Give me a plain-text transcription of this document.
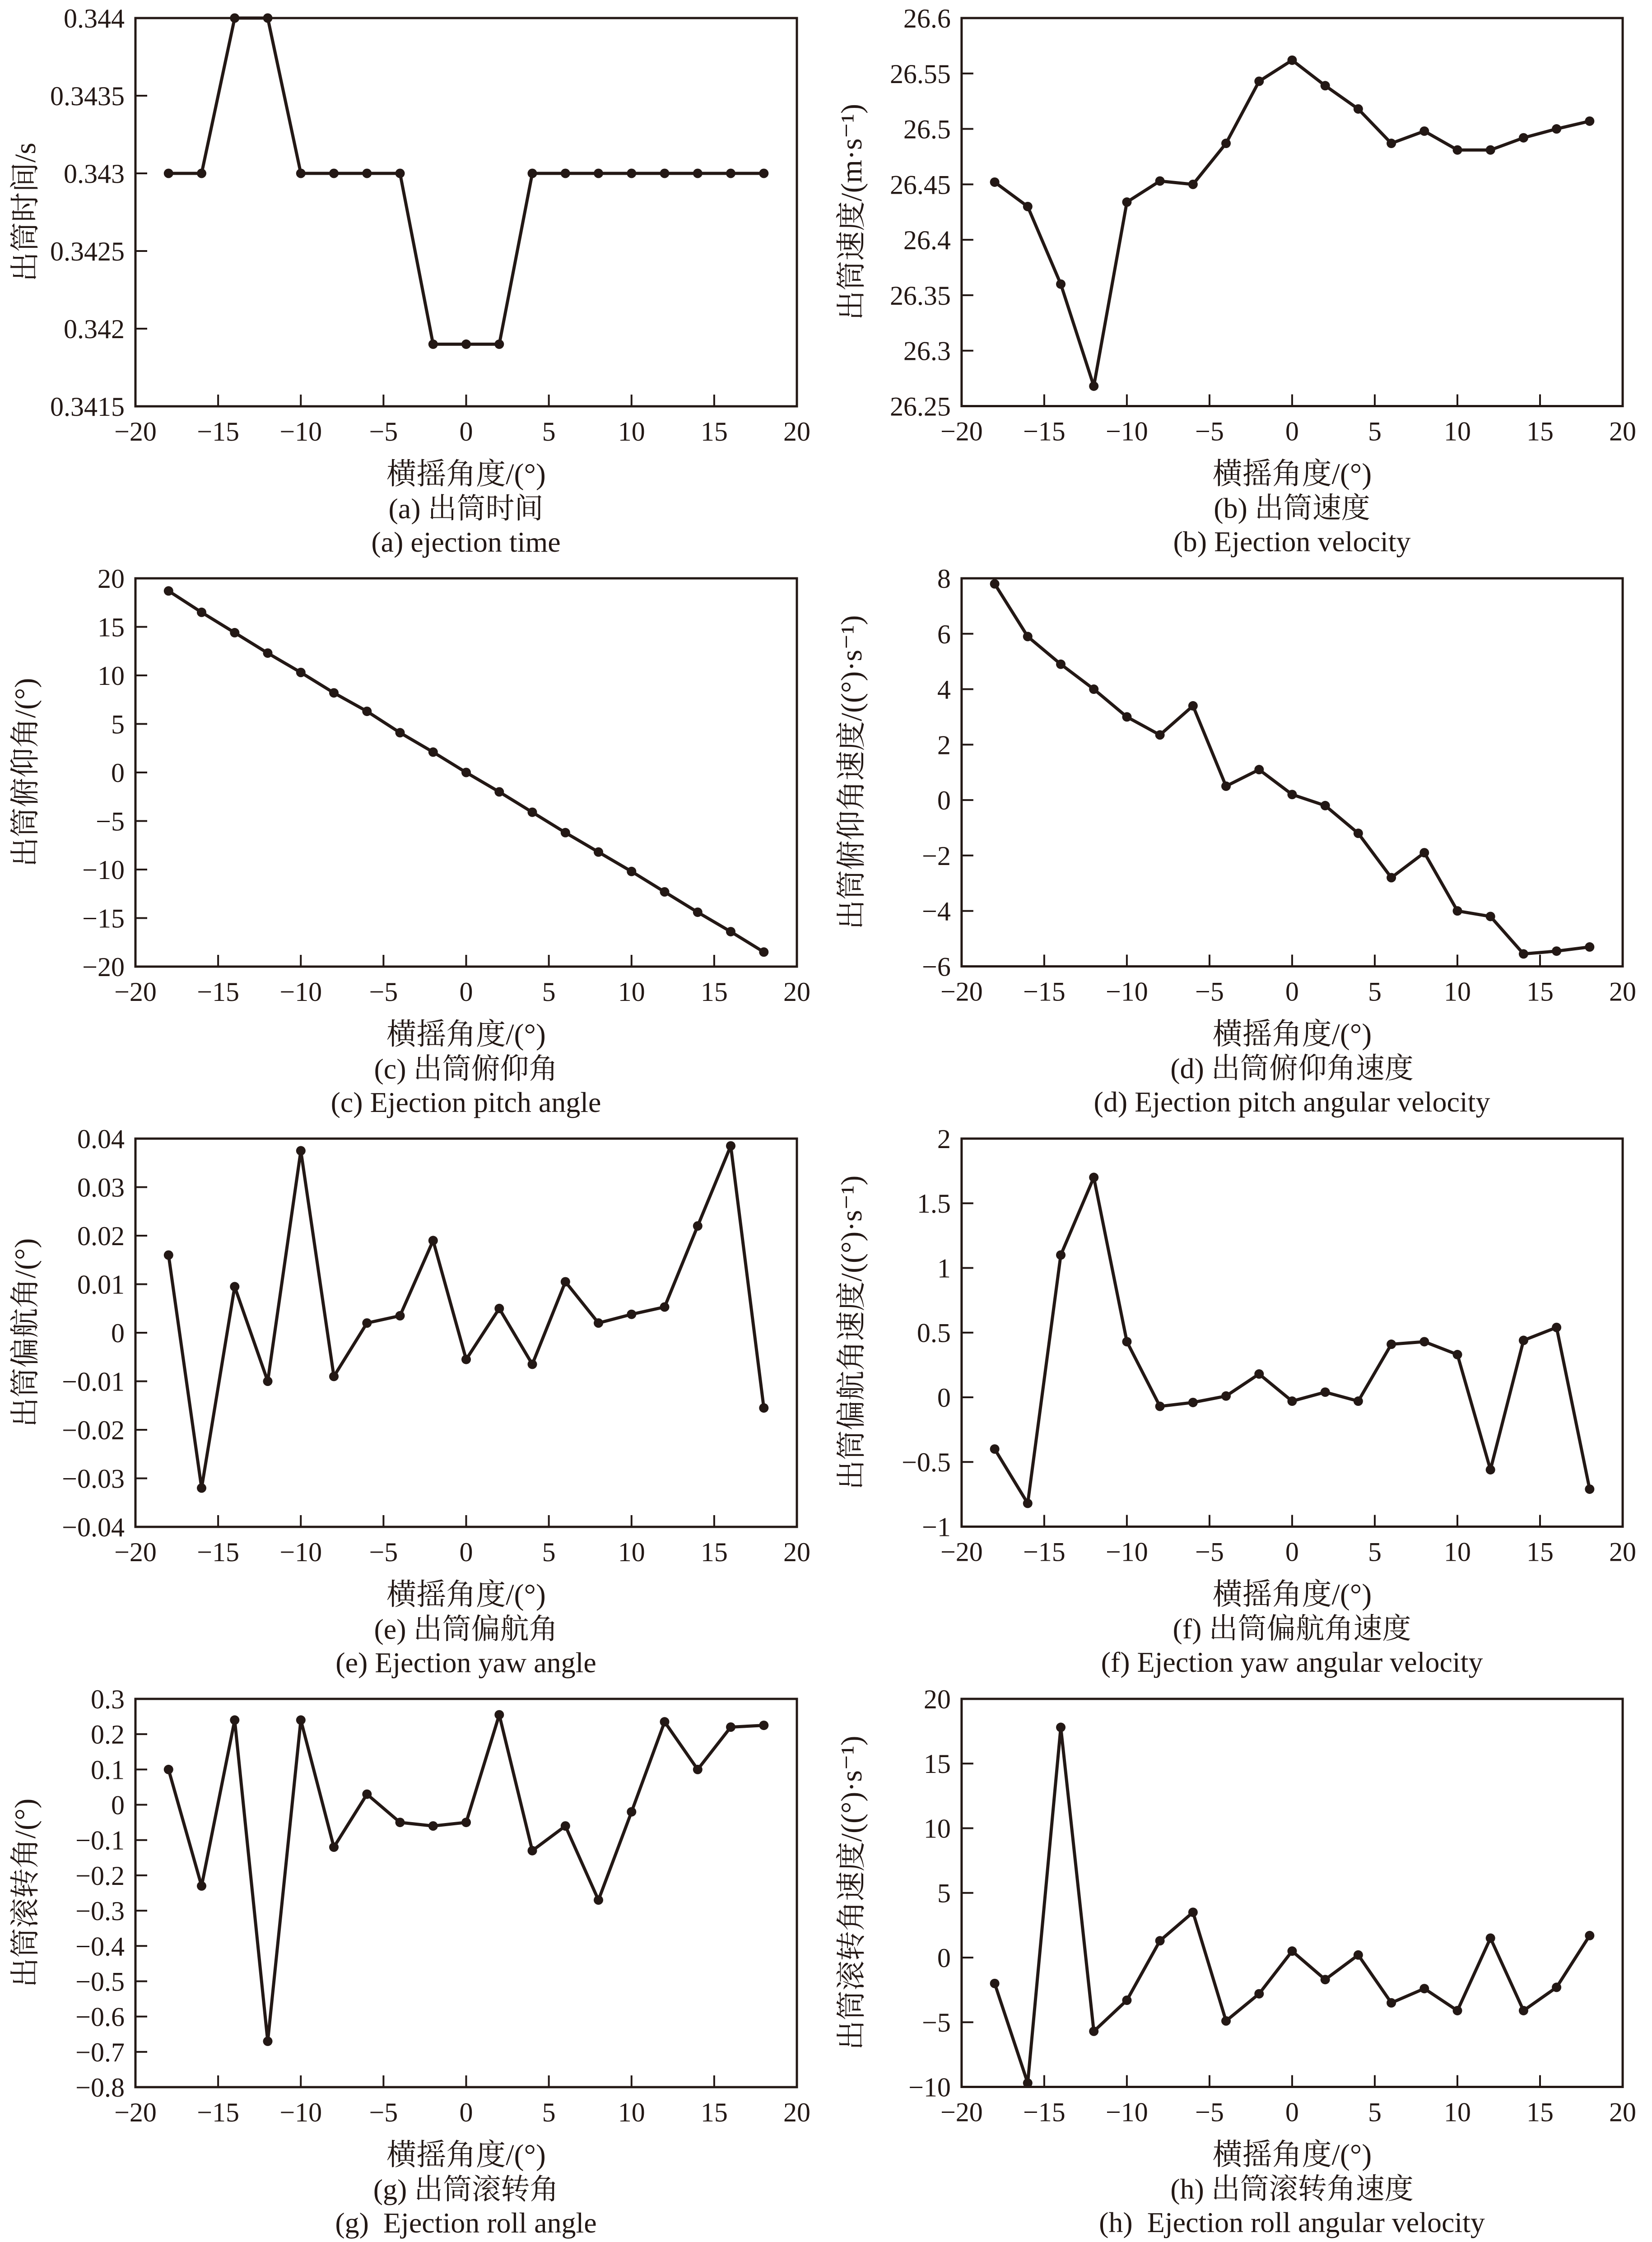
0.3415
0.342
0.3425
0.343
0.3435
0.344
−20 −15 −10 −5 0	5 10 15 20
横摇角度/(°)
出筒时间/s
(a) 出筒时间
(a) ejection time
26.25
26.3
26.35
26.4
26.45
26.5
26.55
26.6
−20 −15 −10 −5 0	5 10 15 20
横摇角度/(°)
出筒速度/(m·s⁻¹)
(b) 出筒速度
(b) Ejection velocity
−20
−15
−10
−5
0
5
10
15
20
−20 −15 −10 −5 0	5 10 15 20
横摇角度/(°)
出筒俯仰角/(°)
(c) 出筒俯仰角
(c) Ejection pitch angle
−6
−4
−2
0
2
4
6
8
−20 −15 −10 −5 0	5 10 15 20
横摇角度/(°)
出筒俯仰角速度/((°)·s⁻¹)
(d) 出筒俯仰角速度
(d) Ejection pitch angular velocity
−0.04
−0.03
−0.02
−0.01
0
0.01
0.02
0.03
0.04
−20 −15 −10 −5 0	5 10 15 20
横摇角度/(°)
出筒偏航角/(°)
(e) 出筒偏航角
(e) Ejection yaw angle
−1
−0.5
0
0.5
1
1.5
2
−20 −15 −10 −5 0	5 10 15 20
横摇角度/(°)
出筒偏航角速度/((°)·s⁻¹)
(f) 出筒偏航角速度
(f) Ejection yaw angular velocity
−0.8
−0.7
−0.6
−0.5
−0.4
−0.3
−0.2
−0.1
0
0.1
0.2
0.3
−20 −15 −10 −5 0	5 10 15 20
横摇角度/(°)
出筒滚转角/(°)
(g) 出筒滚转角
(g)  Ejection roll angle
−10
−5
0
5
10
15
20
−20 −15 −10 −5 0	5 10 15 20
横摇角度/(°)
出筒滚转角速度/((°)·s⁻¹)
(h) 出筒滚转角速度
(h)  Ejection roll angular velocity
